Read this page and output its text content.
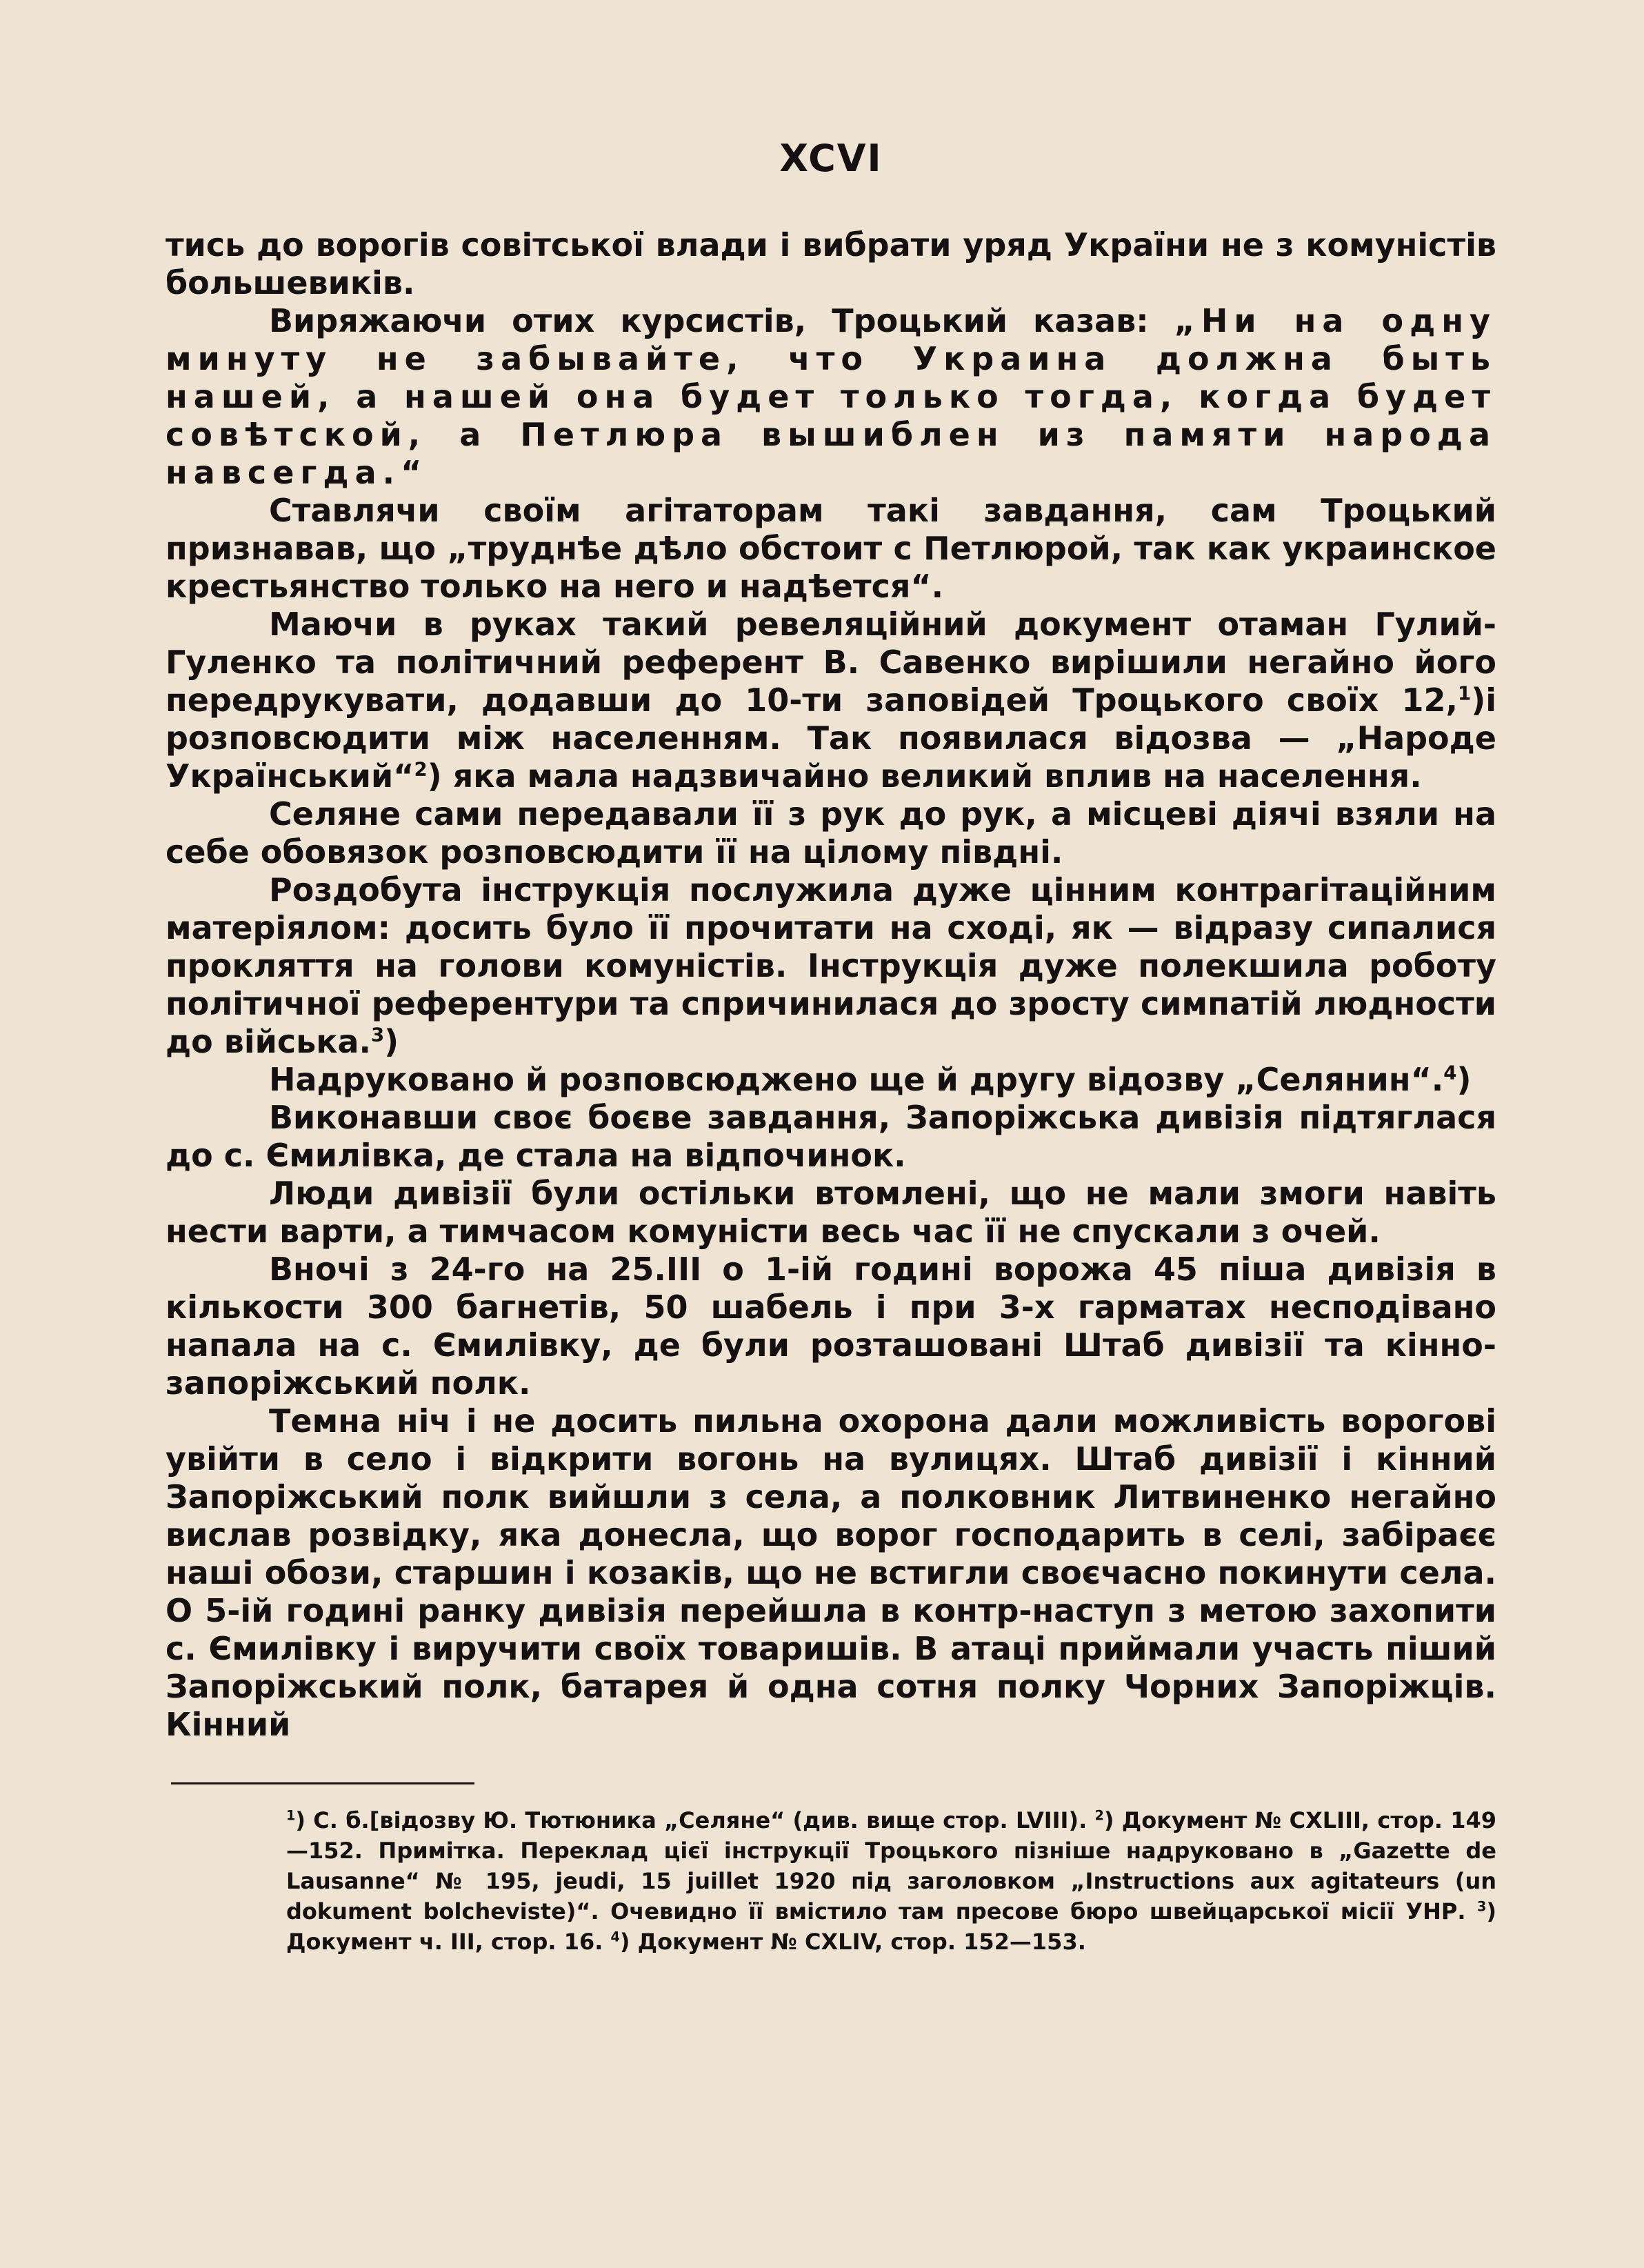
XCVI

тись до ворогів совітської влади і вибрати уряд України не з комуністів большевиків.

Виряжаючи отих курсистів, Троцький казав: „Ни на одну минуту не забывайте, что Украина должна быть нашей, а нашей она будет только тогда, когда будет совѣтской, а Петлюра вышиблен из памяти народа навсегда.“

Ставлячи своїм агітаторам такі завдання, сам Троцький признавав, що „труднѣе дѣло обстоит с Петлюрой, так как украинское крестьянство только на него и надѣется“.

Маючи в руках такий ревеляційний документ отаман Гулий-Гуленко та політичний референт В. Савенко вирішили негайно його передрукувати, додавши до 10-ти заповідей Троцького своїх 12,$^1$)і розповсюдити між населенням. Так появилася відозва — „Народе Український“$^2$) яка мала надзвичайно великий вплив на населення.

Селяне сами передавали її з рук до рук, а місцеві діячі взяли на себе обовязок розповсюдити її на цілому півдні.

Роздобута інструкція послужила дуже цінним контрагітаційним матеріялом: досить було її прочитати на сході, як — відразу сипалися прокляття на голови комуністів. Інструкція дуже полекшила роботу політичної референтури та спричинилася до зросту симпатій людности до війська.$^3$)

Надруковано й розповсюджено ще й другу відозву „Селянин“.$^4$)

Виконавши своє боєве завдання, Запоріжська дивізія підтяглася до с. Ємилівка, де стала на відпочинок.

Люди дивізії були остільки втомлені, що не мали змоги навіть нести варти, а тимчасом комуністи весь час її не спускали з очей.

Вночі з 24-го на 25.III о 1-ій годині ворожа 45 піша дивізія в кількости 300 багнетів, 50 шабель і при 3-х гарматах несподівано напала на с. Ємилівку, де були розташовані Штаб дивізії та кінно-запоріжський полк.

Темна ніч і не досить пильна охорона дали можливість ворогові увійти в село і відкрити вогонь на вулицях. Штаб дивізії і кінний Запоріжський полк вийшли з села, а полковник Литвиненко негайно вислав розвідку, яка донесла, що ворог господарить в селі, забіраєє наші обози, старшин і козаків, що не встигли своєчасно покинути села. О 5-ій годині ранку дивізія перейшла в контр-наступ з метою захопити с. Ємилівку і виручити своїх товаришів. В атаці приймали участь піший Запоріжський полк, батарея й одна сотня полку Чорних Запоріжців. Кінний

$^1$) С. б.[відозву Ю. Тютюника „Селяне“ (див. вище стор. LVIII). $^2$) Документ № CXLIII, стор. 149—152. Примітка. Переклад цієї інструкції Троцького пізніше надруковано в „Gazette de Lausanne“ № 195, jeudi, 15 juillet 1920 під заголовком „Instructions aux agitateurs (un dokument bolcheviste)“. Очевидно її вмістило там пресове бюро швейцарської місії УНР. $^3$) Документ ч. III, стор. 16. $^4$) Документ № CXLIV, стор. 152—153.
